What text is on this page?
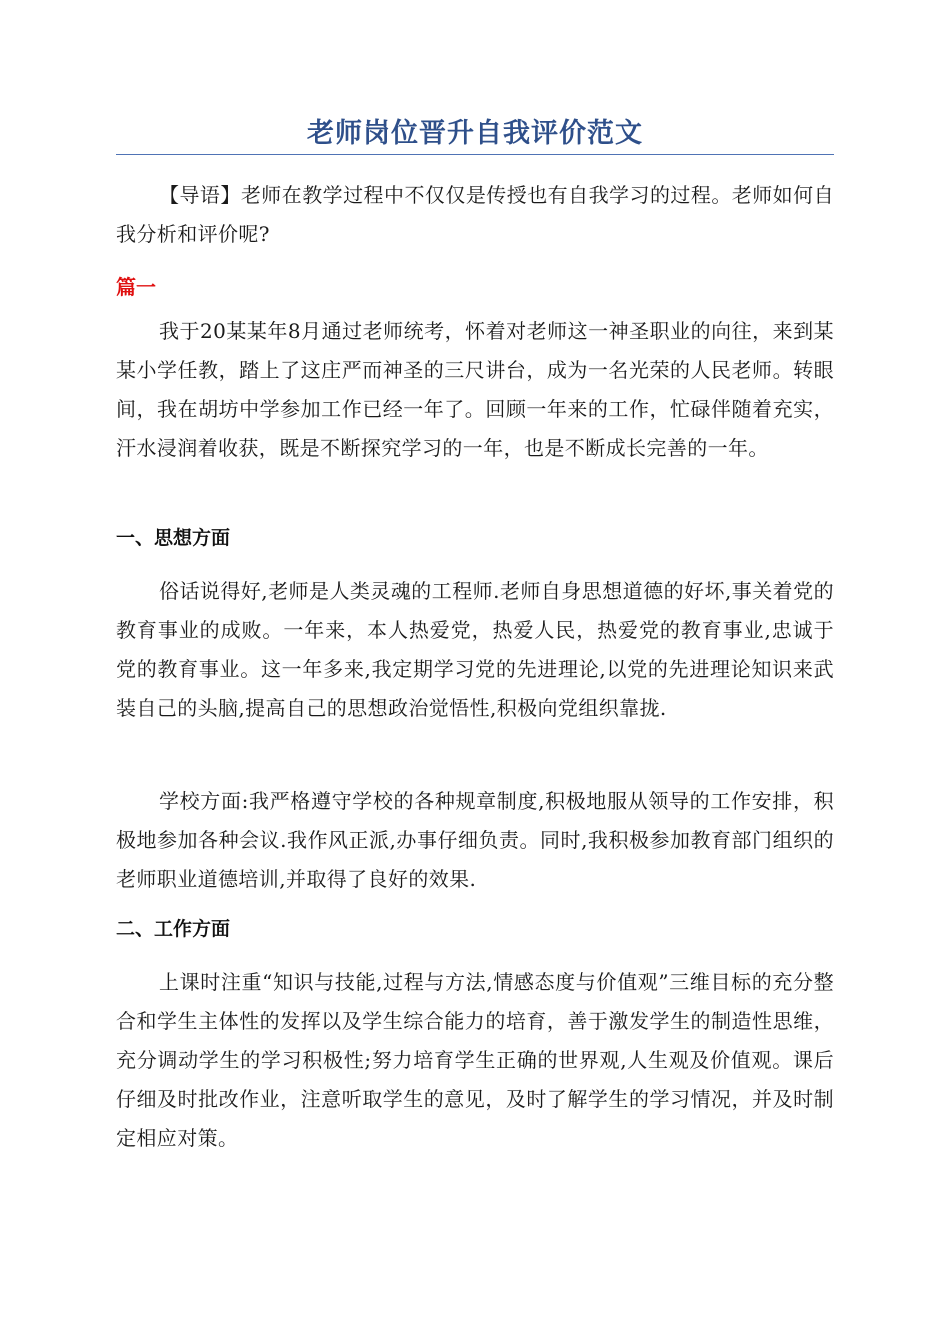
老师岗位晋升自我评价范文

【导语】老师在教学过程中不仅仅是传授也有自我学习的过程。老师如何自我分析和评价呢?

篇一

我于20某某年8月通过老师统考，怀着对老师这一神圣职业的向往，来到某某小学任教，踏上了这庄严而神圣的三尺讲台，成为一名光荣的人民老师。转眼间，我在胡坊中学参加工作已经一年了。回顾一年来的工作，忙碌伴随着充实，汗水浸润着收获，既是不断探究学习的一年，也是不断成长完善的一年。

一、思想方面

俗话说得好,老师是人类灵魂的工程师.老师自身思想道德的好坏,事关着党的教育事业的成败。一年来，本人热爱党，热爱人民，热爱党的教育事业,忠诚于党的教育事业。这一年多来,我定期学习党的先进理论,以党的先进理论知识来武装自己的头脑,提高自己的思想政治觉悟性,积极向党组织靠拢.

学校方面:我严格遵守学校的各种规章制度,积极地服从领导的工作安排，积极地参加各种会议.我作风正派,办事仔细负责。同时,我积极参加教育部门组织的老师职业道德培训,并取得了良好的效果.

二、工作方面

上课时注重“知识与技能,过程与方法,情感态度与价值观”三维目标的充分整合和学生主体性的发挥以及学生综合能力的培育，善于激发学生的制造性思维，充分调动学生的学习积极性;努力培育学生正确的世界观,人生观及价值观。课后仔细及时批改作业，注意听取学生的意见，及时了解学生的学习情况，并及时制定相应对策。
